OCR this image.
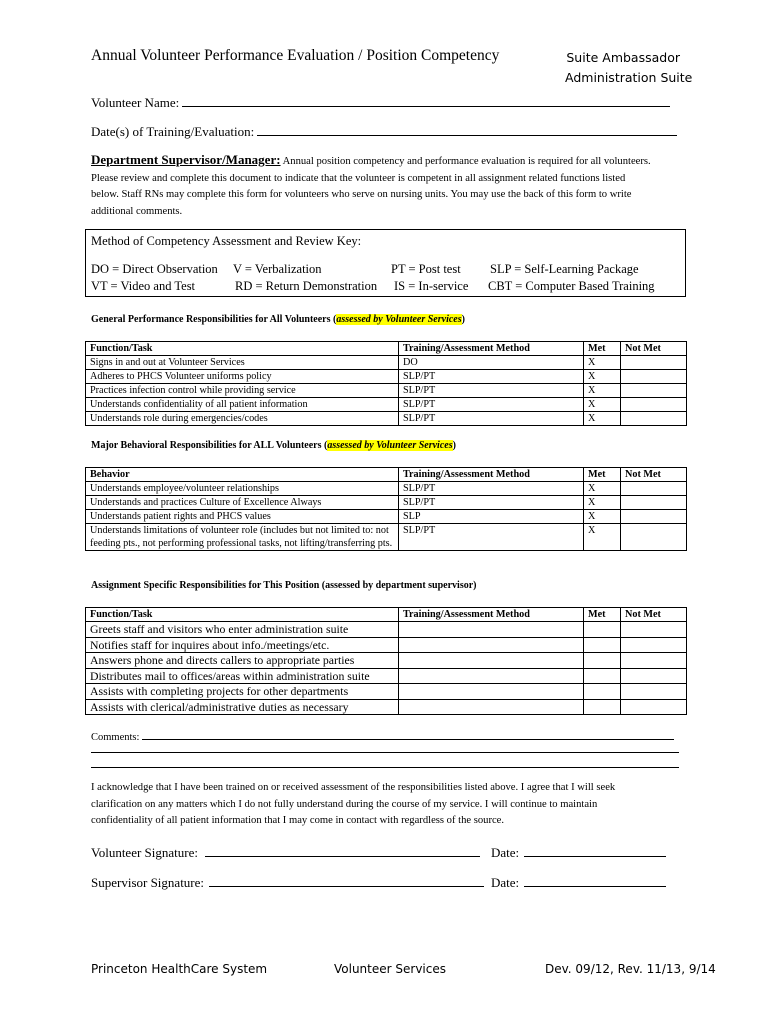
Annual Volunteer Performance Evaluation / Position Competency	Suite Ambassador
Administration Suite
Volunteer Name:
Date(s) of Training/Evaluation:
Department Supervisor/Manager: Annual position competency and performance evaluation is required for all volunteers.
Please review and complete this document to indicate that the volunteer is competent in all assignment related functions listed
below. Staff RNs may complete this form for volunteers who serve on nursing units. You may use the back of this form to write
additional comments.
Method of Competency Assessment and Review Key:
DO = Direct Observation V = Verbalization	PT = Post test SLP = Self-Learning Package
VT = Video and Test	RD = Return Demonstration IS = In-service CBT = Computer Based Training
General Performance Responsibilities for All Volunteers (assessed by Volunteer Services)
Function/Task	Training/Assessment Method	Met	Not Met
Signs in and out at Volunteer Services	DO	X	
Adheres to PHCS Volunteer uniforms policy	SLP/PT	X	
Practices infection control while providing service	SLP/PT	X	
Understands confidentiality of all patient information	SLP/PT	X	
Understands role during emergencies/codes	SLP/PT	X	
Major Behavioral Responsibilities for ALL Volunteers (assessed by Volunteer Services)
Behavior	Training/Assessment Method	Met	Not Met
Understands employee/volunteer relationships	SLP/PT	X	
Understands and practices Culture of Excellence Always	SLP/PT	X	
Understands patient rights and PHCS values	SLP	X	
Understands limitations of volunteer role (includes but not limited to: not feeding pts., not performing professional tasks, not lifting/transferring pts.	SLP/PT	X	
Assignment Specific Responsibilities for This Position (assessed by department supervisor)
Function/Task	Training/Assessment Method	Met	Not Met
Greets staff and visitors who enter administration suite			
Notifies staff for inquires about info./meetings/etc.			
Answers phone and directs callers to appropriate parties			
Distributes mail to offices/areas within administration suite			
Assists with completing projects for other departments			
Assists with clerical/administrative duties as necessary			
Comments:
I acknowledge that I have been trained on or received assessment of the responsibilities listed above. I agree that I will seek
clarification on any matters which I do not fully understand during the course of my service. I will continue to maintain
confidentiality of all patient information that I may come in contact with regardless of the source.
Volunteer Signature:	Date:
Supervisor Signature:	Date:
Princeton HealthCare System	Volunteer Services	Dev. 09/12, Rev. 11/13, 9/14
